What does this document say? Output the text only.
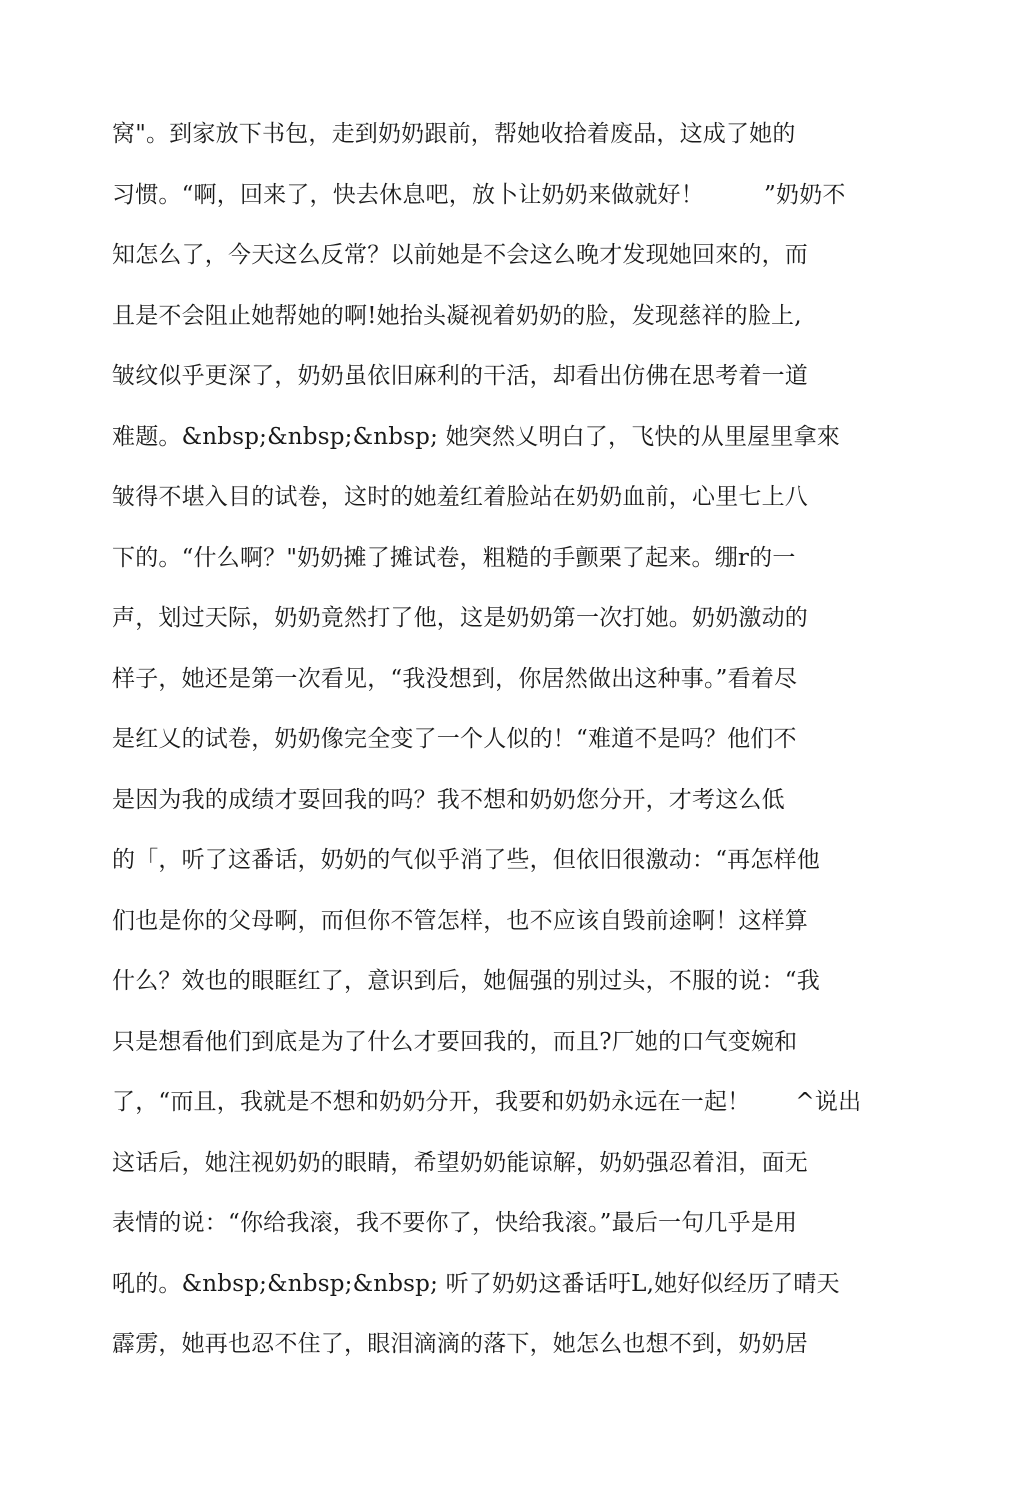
窝"。到家放下书包，走到奶奶跟前，帮她收拾着废品，这成了她的
习惯。“啊，回来了，快去休息吧，放卜让奶奶来做就好！        ”奶奶不
知怎么了，今天这么反常？以前她是不会这么晚才发现她回來的，而
且是不会阻止她帮她的啊!她抬头凝视着奶奶的脸，发现慈祥的脸上,
皱纹似乎更深了，奶奶虽依旧麻利的干活，却看出仿佛在思考着一道
难题。&nbsp;&nbsp;&nbsp; 她突然乂明白了，飞快的从里屋里拿來
皱得不堪入目的试卷，这时的她羞红着脸站在奶奶血前，心里七上八
下的。“什么啊？"奶奶摊了摊试卷，粗糙的手颤栗了起来。绷r的一
声，划过天际，奶奶竟然打了他，这是奶奶第一次打她。奶奶激动的
样子，她还是第一次看见，“我没想到，你居然做出这种事。”看着尽
是红乂的试卷，奶奶像完全变了一个人似的！“难道不是吗？他们不
是因为我的成绩才耍回我的吗？我不想和奶奶您分开，才考这么低
的「，听了这番话，奶奶的气似乎消了些，但依旧很激动：“再怎样他
们也是你的父母啊，而但你不管怎样，也不应该自毁前途啊！这样算
什么？效也的眼眶红了，意识到后，她倔强的别过头，不服的说：“我
只是想看他们到底是为了什么才要回我的，而且?厂她的口气变婉和
了，“而且，我就是不想和奶奶分开，我要和奶奶永远在一起！      ^说出
这话后，她注视奶奶的眼睛，希望奶奶能谅解，奶奶强忍着泪，面无
表情的说：“你给我滚，我不要你了，快给我滚。”最后一句几乎是用
吼的。&nbsp;&nbsp;&nbsp; 听了奶奶这番话吁L,她好似经历了晴天
霹雳，她再也忍不住了，眼泪滴滴的落下，她怎么也想不到，奶奶居
